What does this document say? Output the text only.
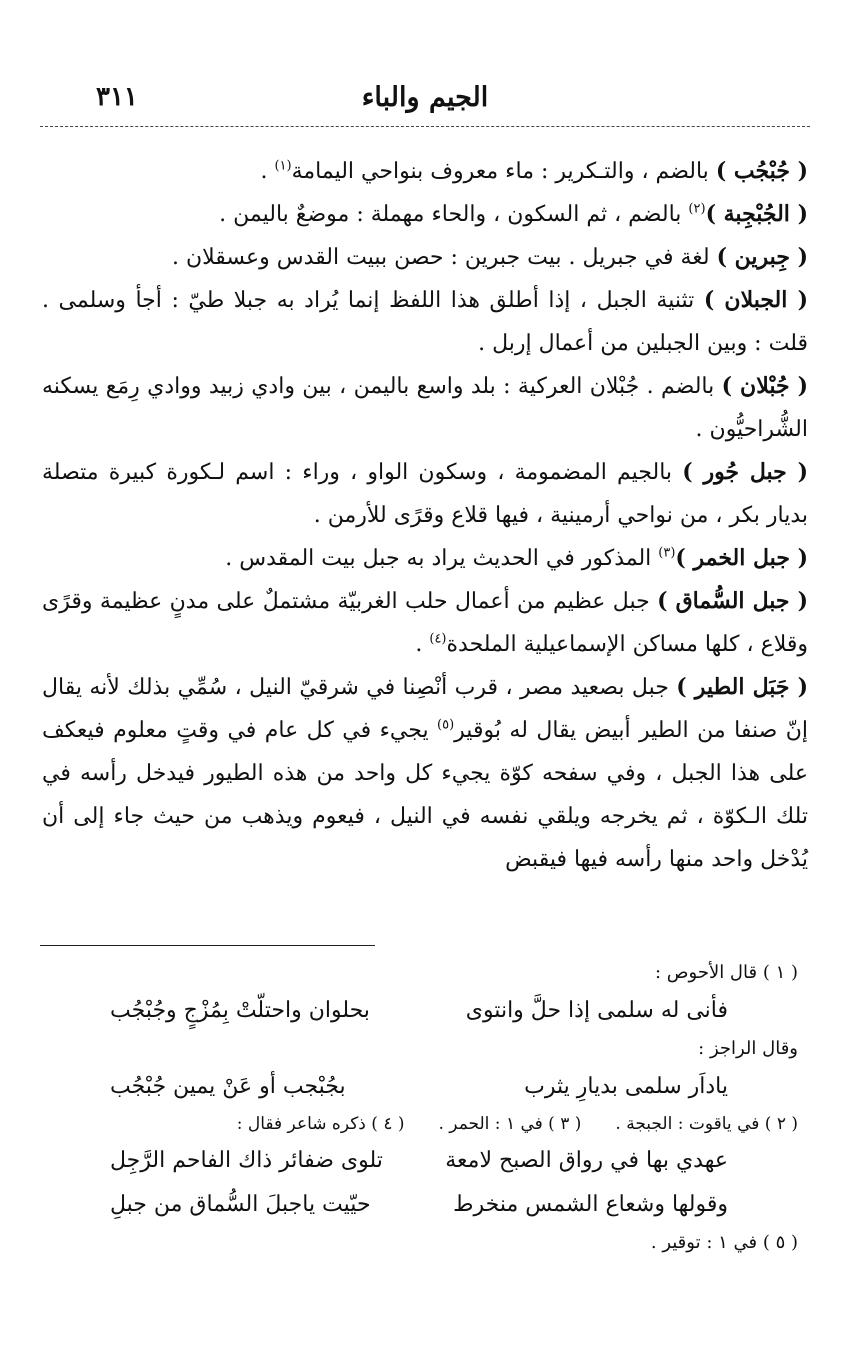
الجيم والباء
٣١١

( جُبْجُب ) بالضم ، والتـكرير : ماء معروف بنواحي اليمامة$^{(١)}$ .

( الجُبْجِبة )$^{(٢)}$ بالضم ، ثم السكون ، والحاء مهملة : موضعٌ باليمن .

( جِبرين ) لغة في جبريل . بيت جبرين : حصن ببيت القدس وعسقلان .

( الجبلان ) تثنية الجبل ، إذا أطلق هذا اللفظ إنما يُراد به جبلا طيّ : أجأ وسلمى . قلت : وبين الجبلين من أعمال إربل .

( جُبْلان ) بالضم . جُبْلان العركية : بلد واسع باليمن ، بين وادي زبيد ووادي رِمَع يسكنه الشُّراحيُّون .

( جبل جُور ) بالجيم المضمومة ، وسكون الواو ، وراء : اسم لـكورة كبيرة متصلة بديار بكر ، من نواحي أرمينية ، فيها قلاع وقرًى للأرمن .

( جبل الخمر )$^{(٣)}$ المذكور في الحديث يراد به جبل بيت المقدس .

( جبل السُّماق ) جبل عظيم من أعمال حلب الغربيّة مشتملٌ على مدنٍ عظيمة وقرًى وقلاع ، كلها مساكن الإسماعيلية الملحدة$^{(٤)}$ .

( جَبَل الطير ) جبل بصعيد مصر ، قرب أنْصِنا في شرقيّ النيل ، سُمِّي بذلك لأنه يقال إنّ صنفا من الطير أبيض يقال له بُوقير$^{(٥)}$ يجيء في كل عام في وقتٍ معلوم فيعكف على هذا الجبل ، وفي سفحه كوّة يجيء كل واحد من هذه الطيور فيدخل رأسه في تلك الـكوّة ، ثم يخرجه ويلقي نفسه في النيل ، فيعوم ويذهب من حيث جاء إلى أن يُدْخل واحد منها رأسه فيها فيقبض

( ١ ) قال الأحوص :

فأنى له سلمى إذا حلَّ وانتوى
بحلوان واحتلّتْ بِمُزْجٍ وجُبْجُب

وقال الراجز :

ياداَر سلمى بديارِ يثرب
بجُبْجب أو عَنْ يمين جُبْجُب
( ٢ ) في ياقوت : الجبجة .
( ٣ ) في ١ : الحمر .
( ٤ ) ذكره شاعر فقال :
عهدي بها في رواق الصبح لامعة
تلوى ضفائر ذاك الفاحم الرَّجِل
وقولها وشعاع الشمس منخرط
حيّيت ياجبلَ السُّماق من جبلِ

( ٥ ) في ١ : توقير .
